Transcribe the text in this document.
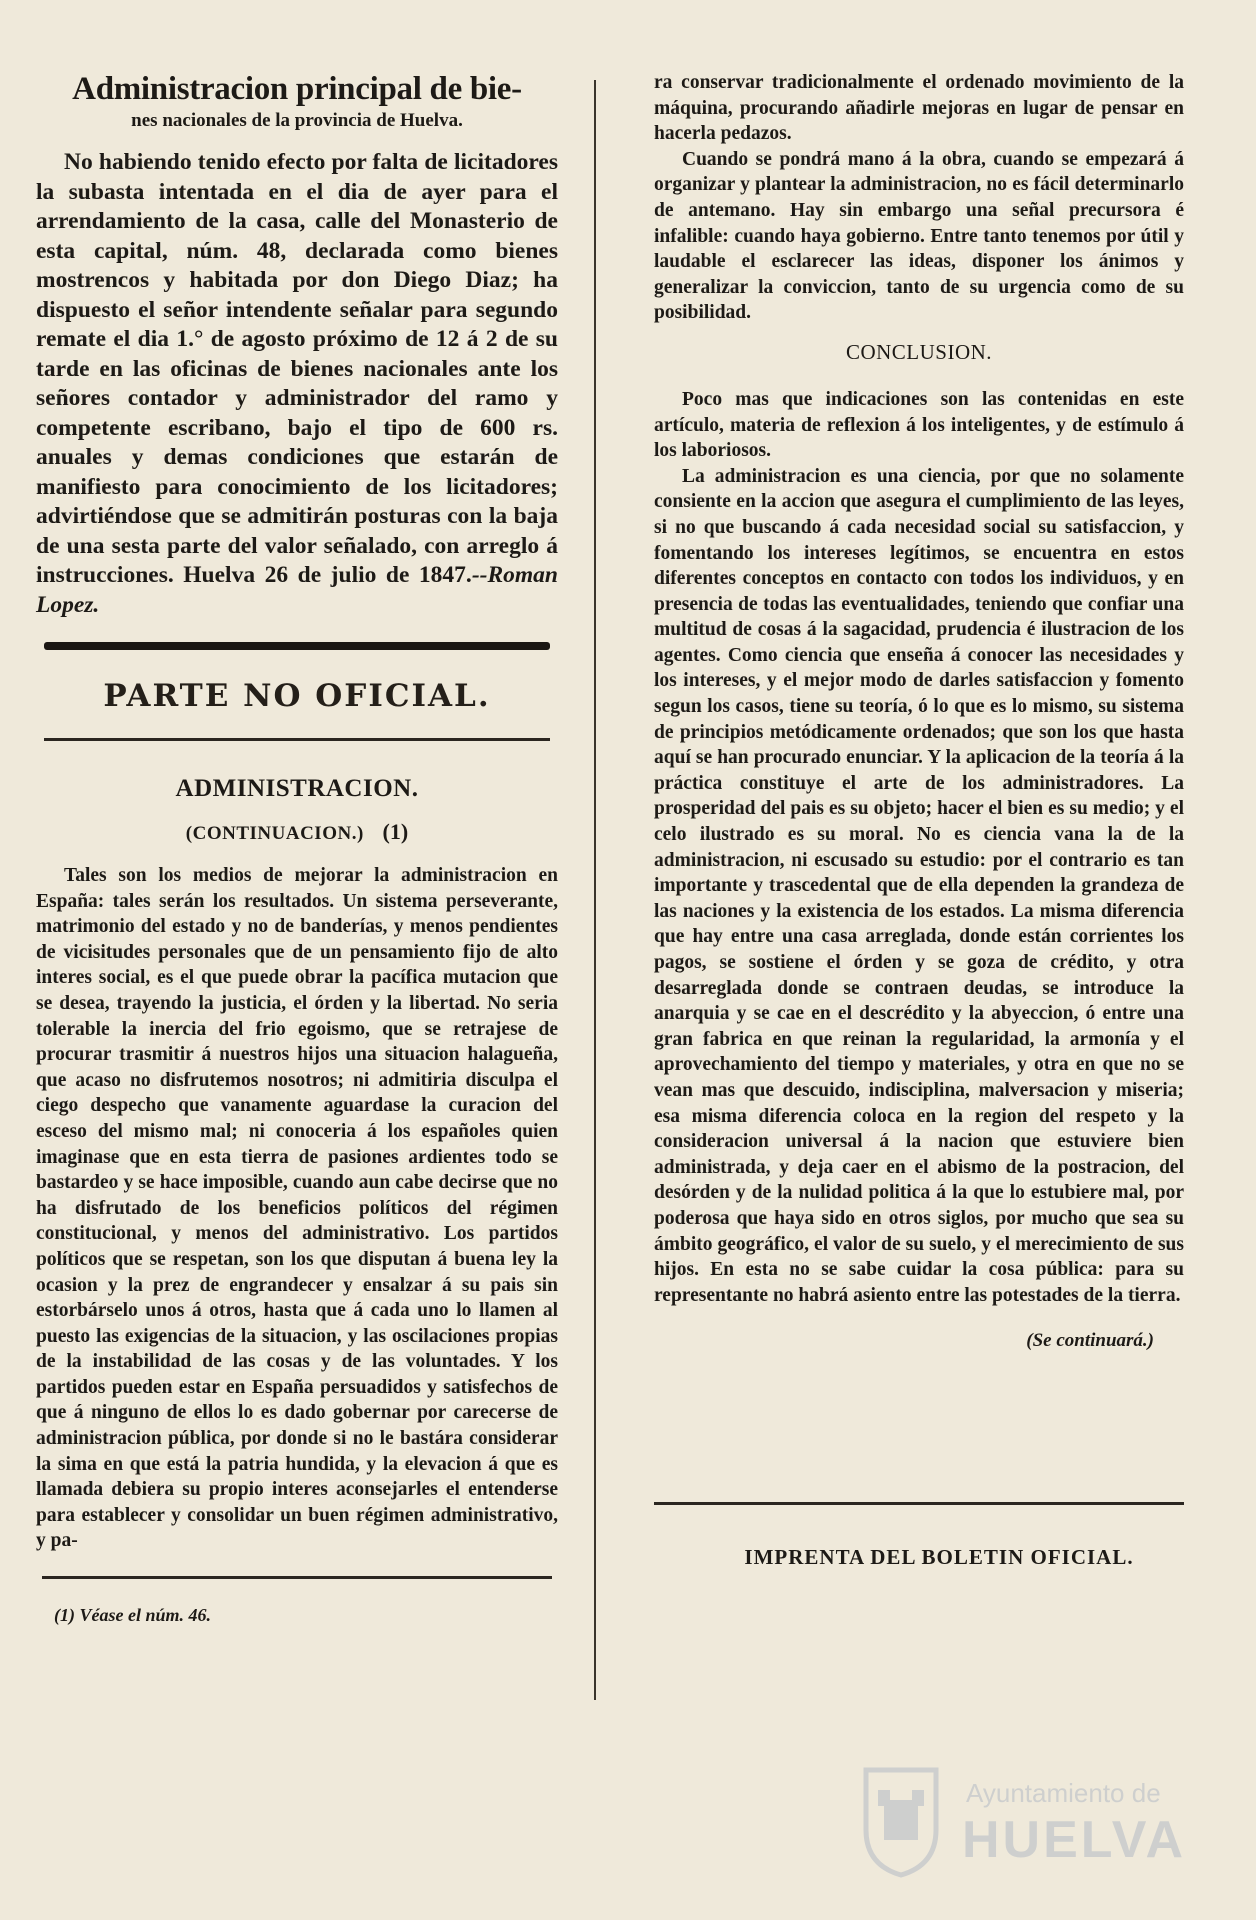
Administracion principal de bie-
nes nacionales de la provincia de Huelva.

No habiendo tenido efecto por falta de licitadores la subasta intentada en el dia de ayer para el arrendamiento de la casa, calle del Monasterio de esta capital, núm. 48, declarada como bienes mostrencos y habitada por don Diego Diaz; ha dispuesto el señor intendente señalar para segundo remate el dia 1.° de agosto próximo de 12 á 2 de su tarde en las oficinas de bienes nacionales ante los señores contador y administrador del ramo y competente escribano, bajo el tipo de 600 rs. anuales y demas condiciones que estarán de manifiesto para conocimiento de los licitadores; advirtiéndose que se admitirán posturas con la baja de una sesta parte del valor señalado, con arreglo á instrucciones. Huelva 26 de julio de 1847.--Roman Lopez.

PARTE NO OFICIAL.
ADMINISTRACION.
(CONTINUACION.) (1)

Tales son los medios de mejorar la administracion en España: tales serán los resultados. Un sistema perseverante, matrimonio del estado y no de banderías, y menos pendientes de vicisitudes personales que de un pensamiento fijo de alto interes social, es el que puede obrar la pacífica mutacion que se desea, trayendo la justicia, el órden y la libertad. No seria tolerable la inercia del frio egoismo, que se retrajese de procurar trasmitir á nuestros hijos una situacion halagueña, que acaso no disfrutemos nosotros; ni admitiria disculpa el ciego despecho que vanamente aguardase la curacion del esceso del mismo mal; ni conoceria á los españoles quien imaginase que en esta tierra de pasiones ardientes todo se bastardeo y se hace imposible, cuando aun cabe decirse que no ha disfrutado de los beneficios políticos del régimen constitucional, y menos del administrativo. Los partidos políticos que se respetan, son los que disputan á buena ley la ocasion y la prez de engrandecer y ensalzar á su pais sin estorbárselo unos á otros, hasta que á cada uno lo llamen al puesto las exigencias de la situacion, y las oscilaciones propias de la instabilidad de las cosas y de las voluntades. Y los partidos pueden estar en España persuadidos y satisfechos de que á ninguno de ellos lo es dado gobernar por carecerse de administracion pública, por donde si no le bastára considerar la sima en que está la patria hundida, y la elevacion á que es llamada debiera su propio interes aconsejarles el entenderse para establecer y consolidar un buen régimen administrativo, y pa-

(1) Véase el núm. 46.

ra conservar tradicionalmente el ordenado movimiento de la máquina, procurando añadirle mejoras en lugar de pensar en hacerla pedazos.

Cuando se pondrá mano á la obra, cuando se empezará á organizar y plantear la administracion, no es fácil determinarlo de antemano. Hay sin embargo una señal precursora é infalible: cuando haya gobierno. Entre tanto tenemos por útil y laudable el esclarecer las ideas, disponer los ánimos y generalizar la conviccion, tanto de su urgencia como de su posibilidad.

CONCLUSION.

Poco mas que indicaciones son las contenidas en este artículo, materia de reflexion á los inteligentes, y de estímulo á los laboriosos.

La administracion es una ciencia, por que no solamente consiente en la accion que asegura el cumplimiento de las leyes, si no que buscando á cada necesidad social su satisfaccion, y fomentando los intereses legítimos, se encuentra en estos diferentes conceptos en contacto con todos los individuos, y en presencia de todas las eventualidades, teniendo que confiar una multitud de cosas á la sagacidad, prudencia é ilustracion de los agentes. Como ciencia que enseña á conocer las necesidades y los intereses, y el mejor modo de darles satisfaccion y fomento segun los casos, tiene su teoría, ó lo que es lo mismo, su sistema de principios metódicamente ordenados; que son los que hasta aquí se han procurado enunciar. Y la aplicacion de la teoría á la práctica constituye el arte de los administradores. La prosperidad del pais es su objeto; hacer el bien es su medio; y el celo ilustrado es su moral. No es ciencia vana la de la administracion, ni escusado su estudio: por el contrario es tan importante y trascedental que de ella dependen la grandeza de las naciones y la existencia de los estados. La misma diferencia que hay entre una casa arreglada, donde están corrientes los pagos, se sostiene el órden y se goza de crédito, y otra desarreglada donde se contraen deudas, se introduce la anarquia y se cae en el descrédito y la abyeccion, ó entre una gran fabrica en que reinan la regularidad, la armonía y el aprovechamiento del tiempo y materiales, y otra en que no se vean mas que descuido, indisciplina, malversacion y miseria; esa misma diferencia coloca en la region del respeto y la consideracion universal á la nacion que estuviere bien administrada, y deja caer en el abismo de la postracion, del desórden y de la nulidad politica á la que lo estubiere mal, por poderosa que haya sido en otros siglos, por mucho que sea su ámbito geográfico, el valor de su suelo, y el merecimiento de sus hijos. En esta no se sabe cuidar la cosa pública: para su representante no habrá asiento entre las potestades de la tierra.

(Se continuará.)
IMPRENTA DEL BOLETIN OFICIAL.
Ayuntamiento de
HUELVA
